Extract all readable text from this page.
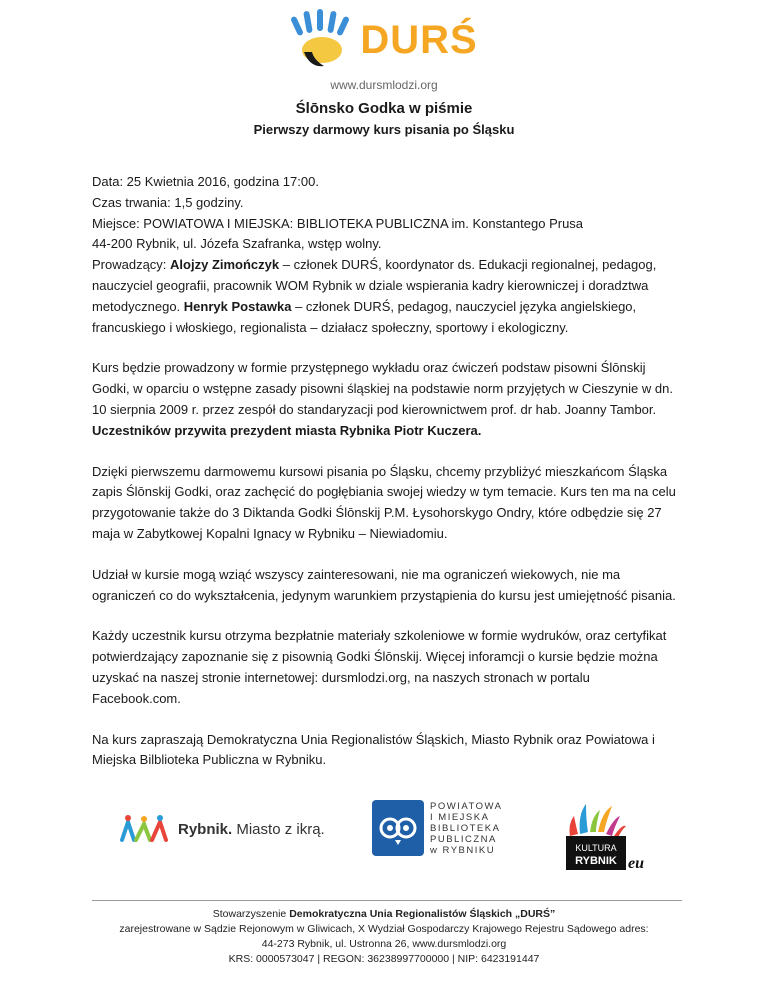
DURŚ
www.dursmlodzi.org
Ślōnsko Godka w piśmie
Pierwszy darmowy kurs pisania po Śląsku

Data: 25 Kwietnia 2016, godzina 17:00.
Czas trwania: 1,5 godziny.
Miejsce: POWIATOWA I MIEJSKA: BIBLIOTEKA PUBLICZNA im. Konstantego Prusa
44-200 Rybnik, ul. Józefa Szafranka, wstęp wolny.
Prowadzący: Alojzy Zimończyk – członek DURŚ, koordynator ds. Edukacji regionalnej, pedagog, nauczyciel geografii, pracownik WOM Rybnik w dziale wspierania kadry kierowniczej i doradztwa metodycznego. Henryk Postawka – członek DURŚ, pedagog, nauczyciel języka angielskiego, francuskiego i włoskiego, regionalista – działacz społeczny, sportowy i ekologiczny.

Kurs będzie prowadzony w formie przystępnego wykładu oraz ćwiczeń podstaw pisowni Ślōnskij Godki, w oparciu o wstępne zasady pisowni śląskiej na podstawie norm przyjętych w Cieszynie w dn. 10 sierpnia 2009 r. przez zespół do standaryzacji pod kierownictwem prof. dr hab. Joanny Tambor. Uczestników przywita prezydent miasta Rybnika Piotr Kuczera.

Dzięki pierwszemu darmowemu kursowi pisania po Śląsku, chcemy przybliżyć mieszkańcom Śląska zapis Ślōnskij Godki, oraz zachęcić do pogłębiania swojej wiedzy w tym temacie. Kurs ten ma na celu przygotowanie także do 3 Diktanda Godki Ślōnskij P.M. Łysohorskygo Ondry, które odbędzie się 27 maja w Zabytkowej Kopalni Ignacy w Rybniku – Niewiadomiu.

Udział w kursie mogą wziąć wszyscy zainteresowani, nie ma ograniczeń wiekowych, nie ma ograniczeń co do wykształcenia, jedynym warunkiem przystąpienia do kursu jest umiejętność pisania.

Każdy uczestnik kursu otrzyma bezpłatnie materiały szkoleniowe w formie wydruków, oraz certyfikat potwierdzający zapoznanie się z pisownią Godki Ślōnskij. Więcej inforamcji o kursie będzie można uzyskać na naszej stronie internetowej: dursmlodzi.org, na naszych stronach w portalu Facebook.com.

Na kurs zapraszają Demokratyczna Unia Regionalistów Śląskich, Miasto Rybnik oraz Powiatowa i Miejska Bilblioteka Publiczna w Rybniku.

Rybnik. Miasto z ikrą.
POWIATOWA
I MIEJSKA
BIBLIOTEKA
PUBLICZNA
w RYBNIKU	KULTURA
RYBNIK eu
Stowarzyszenie Demokratyczna Unia Regionalistów Śląskich „DURŚ”
zarejestrowane w Sądzie Rejonowym w Gliwicach, X Wydział Gospodarczy Krajowego Rejestru Sądowego adres:
44-273 Rybnik, ul. Ustronna 26, www.dursmlodzi.org
KRS: 0000573047 | REGON: 36238997700000 | NIP: 6423191447
